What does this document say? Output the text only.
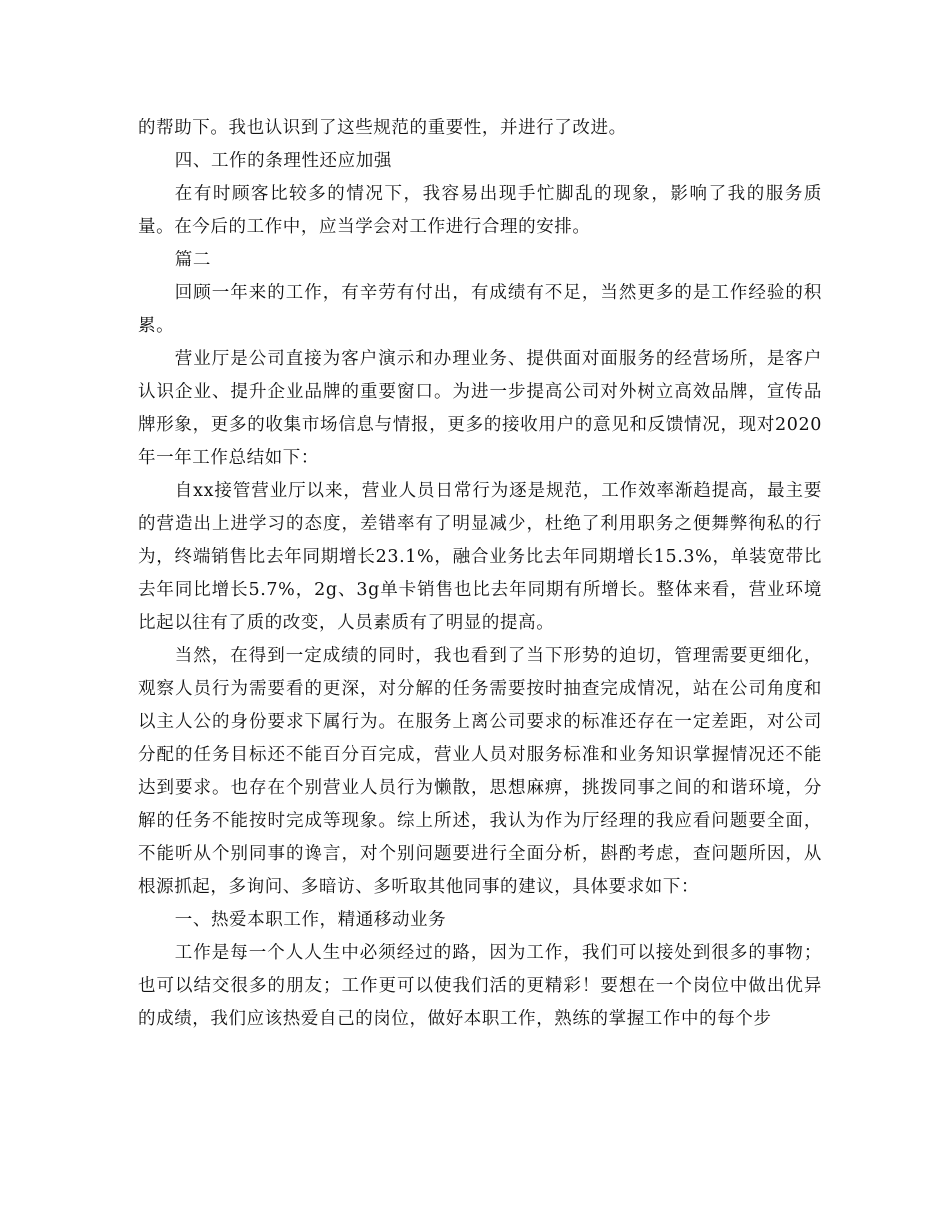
的帮助下。我也认识到了这些规范的重要性，并进行了改进。

四、工作的条理性还应加强

在有时顾客比较多的情况下，我容易出现手忙脚乱的现象，影响了我的服务质量。在今后的工作中，应当学会对工作进行合理的安排。

篇二

回顾一年来的工作，有辛劳有付出，有成绩有不足，当然更多的是工作经验的积累。

营业厅是公司直接为客户演示和办理业务、提供面对面服务的经营场所，是客户认识企业、提升企业品牌的重要窗口。为进一步提高公司对外树立高效品牌，宣传品牌形象，更多的收集市场信息与情报，更多的接收用户的意见和反馈情况，现对2020年一年工作总结如下：

自xx接管营业厅以来，营业人员日常行为逐是规范，工作效率渐趋提高，最主要的营造出上进学习的态度，差错率有了明显减少，杜绝了利用职务之便舞弊徇私的行为，终端销售比去年同期增长23.1%，融合业务比去年同期增长15.3%，单装宽带比去年同比增长5.7%，2g、3g单卡销售也比去年同期有所增长。整体来看，营业环境比起以往有了质的改变，人员素质有了明显的提高。

当然，在得到一定成绩的同时，我也看到了当下形势的迫切，管理需要更细化，观察人员行为需要看的更深，对分解的任务需要按时抽查完成情况，站在公司角度和以主人公的身份要求下属行为。在服务上离公司要求的标准还存在一定差距，对公司分配的任务目标还不能百分百完成，营业人员对服务标准和业务知识掌握情况还不能达到要求。也存在个别营业人员行为懒散，思想麻痹，挑拨同事之间的和谐环境，分解的任务不能按时完成等现象。综上所述，我认为作为厅经理的我应看问题要全面，不能听从个别同事的谗言，对个别问题要进行全面分析，斟酌考虑，查问题所因，从根源抓起，多询问、多暗访、多听取其他同事的建议，具体要求如下：

一、热爱本职工作，精通移动业务

工作是每一个人人生中必须经过的路，因为工作，我们可以接处到很多的事物；也可以结交很多的朋友；工作更可以使我们活的更精彩！要想在一个岗位中做出优异的成绩，我们应该热爱自己的岗位，做好本职工作，熟练的掌握工作中的每个步
